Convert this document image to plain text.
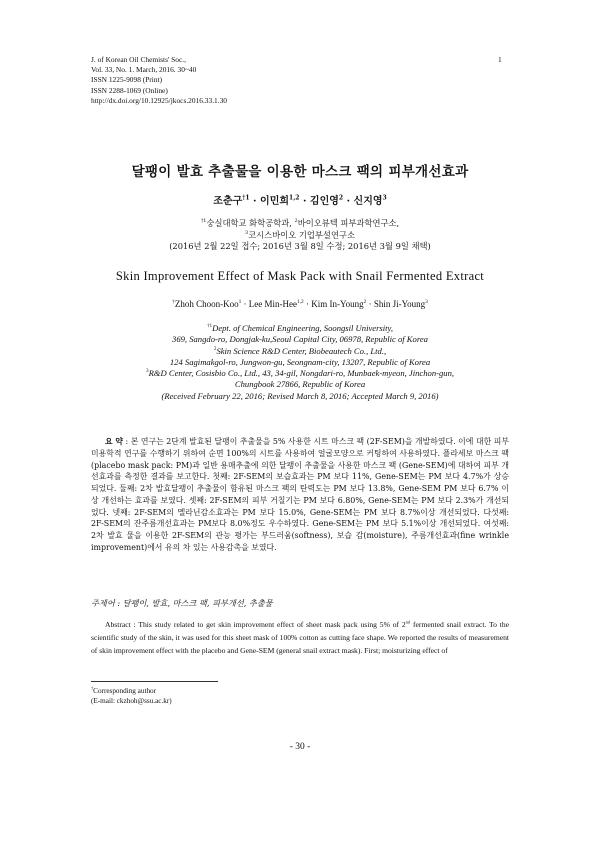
J. of Korean Oil Chemists' Soc.,
Vol. 33, No. 1. March, 2016. 30~40
ISSN 1225-9098 (Print)
ISSN 2288-1069 (Online)
http://dx.doi.org/10.12925/jkocs.2016.33.1.30
1
달팽이 발효 추출물을 이용한 마스크 팩의 피부개선효과
조춘구$^{\dagger 1}$ · 이민희$^{1,2}$ · 김인영$^2$ · 신지영$^3$
$^{\dagger 1}$숭실대학교 화학공학과, $^2$바이오뷰텍 피부과학연구소,
$^3$코시스바이오 기업부설연구소
(2016년 2월 22일 접수; 2016년 3월 8일 수정; 2016년 3월 9일 채택)
Skin Improvement Effect of Mask Pack with Snail Fermented Extract
†Zhoh Choon-Koo$^1$ · Lee Min-Hee$^{1,2}$ · Kim In-Young$^2$ · Shin Ji-Young$^3$
$^{\dagger 1}$Dept. of Chemical Engineering, Soongsil University,
369, Sangdo-ro, Dongjak-ku,Seoul Capital City, 06978, Republic of Korea
$^2$Skin Science R&D Center, Biobeautech Co., Ltd.,
124 Sagimakgol-ro, Jungwon-gu, Seongnam-city, 13207, Republic of Korea
$^3$R&D Center, Cosisbio Co., Ltd., 43, 34-gil, Nongdari-ro, Munbaek-myeon, Jinchon-gun,
Chungbook 27866, Republic of Korea
(Received February 22, 2016; Revised March 8, 2016; Accepted March 9, 2016)
요 약 : 본 연구는 2단계 발효된 달팽이 추출물을 5% 사용한 시트 마스크 팩 (2F-SEM)을 개발하였다. 이에 대한 피부미용학적 연구를 수행하기 위하여 순면 100%의 시트를 사용하여 얼굴모양으로 커팅하여 사용하였다. 플라세보 마스크 팩 (placebo mask pack: PM)과 일반 용매추출에 의한 달팽이 추출물을 사용한 마스크 팩 (Gene-SEM)에 대하여 피부 개선효과를 측정한 결과를 보고한다. 첫째: 2F-SEM의 보습효과는 PM 보다 11%, Gene-SEM는 PM 보다 4.7%가 상승되었다. 둘째: 2차 발효달팽이 추출물이 함유된 마스크 팩의 탄력도는 PM 보다 13.8%, Gene-SEM PM 보다 6.7% 이상 개선하는 효과를 보였다. 셋째: 2F-SEM의 피부 거칠기는 PM 보다 6.80%, Gene-SEM는 PM 보다 2.3%가 개선되었다. 넷째: 2F-SEM의 멜라닌감소효과는 PM 보다 15.0%, Gene-SEM는 PM 보다 8.7%이상 개선되었다. 다섯째: 2F-SEM의 잔주름개선효과는 PM보다 8.0%정도 우수하였다. Gene-SEM는 PM 보다 5.1%이상 개선되었다. 여섯째: 2차 발효 물을 이용한 2F-SEM의 관능 평가는 부드러움(softness), 보습 감(moisture), 주름개선효과(fine wrinkle improvement)에서 유의 차 있는 사용감촉을 보였다.
주제어 : 달팽이, 발효, 마스크 팩, 피부개선, 추출물
Abstract : This study related to get skin improvement effect of sheet mask pack using 5% of 2nd fermented snail extract. To the scientific study of the skin, it was used for this sheet mask of 100% cotton as cutting face shape. We reported the results of measurement of skin improvement effect with the placebo and Gene-SEM (general snail extract mask). First; moisturizing effect of
†Corresponding author
(E-mail: ckzhoh@ssu.ac.kr)
- 30 -
